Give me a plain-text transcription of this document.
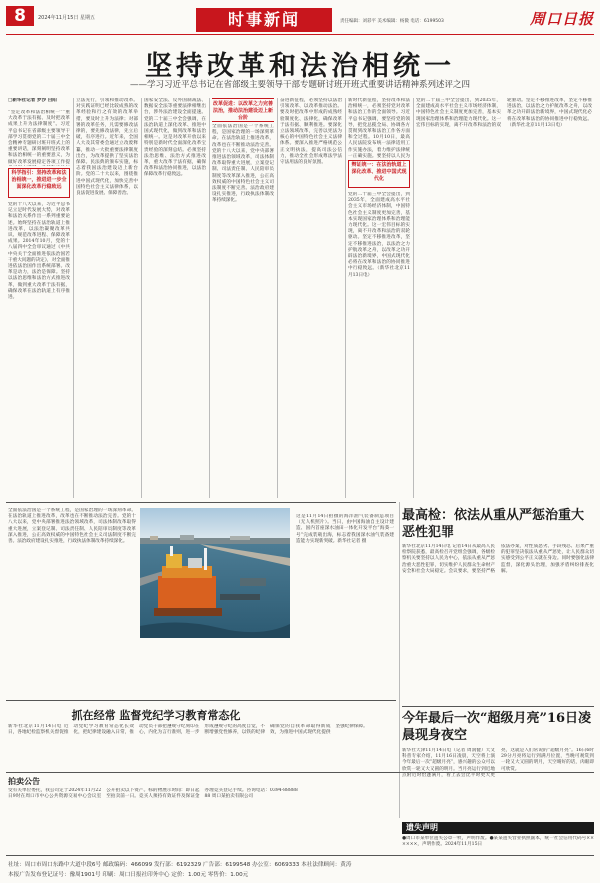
8	2024年11月15日 星期五	时事新闻	责任编辑：刘彩平 美术编辑：杨微 电话：6199503	周口日报
坚持改革和法治相统一
——学习习近平总书记在省部级主要领导干部专题研讨班开班式重要讲话精神系列述评之四
□新华社记者 罗沙 白阳
“坚定改革和法治相统一”“重大改革于法有据、及时把改革成果上升为法律制度”。习近平总书记在省部级主要领导干部学习贯彻党的二十届三中全会精神专题研讨班开班式上的重要讲话，深刻阐明坚持改革和法治相统一的重要意义，为做好改革发展稳定各项工作提
科学指引：坚持改革和法治相统一，推进进一步全面深化改革行稳致远
党的十八大以来，习近平总书记立足时代发展大势，对改革和法治关系作出一系列重要论述。始终坚持在法治轨道上推进改革，以法治凝聚改革共识、规范改革进程、保障改革成果。2014年10月，党的十八届四中全会审议通过《中共中央关于全面推进依法治国若干重大问题的决定》，对全面推进依法治国作出系统部署。改革是动力，法治是保障。坚持以法治思维和法治方式推进改革，做到重大改革于法有据，确保改革在法治轨道上有序推进。
立法先行，引领和推动改革。对实践证明已经比较成熟的改革经验和行之有效的改革举措，要及时上升为法律；对部署的改革任务，凡需要修改法律的，要先修改法律，先立后破，有序进行。近年来，全国人大及其常委会通过立改废释纂，推动一大批重要法律制度出台，为改革提供了坚实法治保障。民法典的颁布实施，标志着我国法治建设迈上新台阶。党的二十大以来，围绕推进中国式现代化，加快完善中国特色社会主义法律体系，以良法促进发展、保障善治。
国家安全法、反外国制裁法、数据安全法等重要法律相继出台，涉外法治建设全面提速。党的二十届三中全会强调，在法治轨道上深化改革、推进中国式现代化，做到改革和法治相统一。这是对改革开放以来特别是新时代全面深化改革宝贵经验的深刻总结。必须坚持法治思维、法治方式推进改革，重大改革于法有据，确保改革和法治协同推进，以法治保障改革行稳致远。
改革促进：以改革之力完善法治，推动法治建设迈上新台阶
全面依法治国是一个系统工程，是国家治理的一场深刻革命。在法治轨道上推进改革，改革也在不断推动法治完善。党的十八大以来，党中央部署推进法治领域改革，司法体制改革取得重大进展，立案登记制、司法责任制、人民陪审员制度等改革深入推进，公正高效权威的中国特色社会主义司法制度不断完善。法治政府建设扎实推进，行政执法体制改革持续深化。
奋进新征程，必须坚持以法治引领改革、以改革推动法治。要及时把改革中形成的成熟经验制度化、法律化，确保改革于法有据、顺利推进。要深化立法领域改革，完善以宪法为核心的中国特色社会主义法律体系。要深入推进严格规范公正文明执法，提高司法公信力，推动全社会形成尊法学法守法用法的良好氛围。	辩证统一：在法治轨道上深化改革、推进中国式现代化
新时代新征程，坚持改革和法治相统一，必须坚持党对改革和法治工作的全面领导。习近平总书记强调，要坚持党的领导，把党总揽全局、协调各方贯彻到改革和法治工作各方面和全过程。10月10日，最高人民法院发布统一法律适用工作实施办法，着力维护法律统一正确实施。要坚持以人民为
党的二十届三中全会提出，到2035年，全面建成高水平社会主义市场经济体制，中国特色社会主义制度更加完善，基本实现国家治理体系和治理能力现代化。这一宏伟目标的实现，离不开改革和法治的双轮驱动。坚定不移推进改革，坚定不移推进法治，以法治之力护航改革之舟，以改革之功开辟法治新境界，中国式现代化必将在改革和法治的协同推进中行稳致远。（新华社北京11月13日电）
党的二十届三中全会提出，到2035年，全面建成高水平社会主义市场经济体制，中国特色社会主义制度更加完善，基本实现国家治理体系和治理能力现代化。这一宏伟目标的实现，离不开改革和法治的双轮驱动。坚定不移推进改革，坚定不移推进法治，以法治之力护航改革之舟，以改革之功开辟法治新境界，中国式现代化必将在改革和法治的协同推进中行稳致远。（新华社北京11月13日电）
全面依法治国是一个系统工程，是国家治理的一场深刻革命。在法治轨道上推进改革，改革也在不断推动法治完善。党的十八大以来，党中央部署推进法治领域改革，司法体制改革取得重大进展，立案登记制、司法责任制、人民陪审员制度等改革深入推进，公正高效权威的中国特色社会主义司法制度不断完善。法治政府建设扎实推进，行政执法体制改革持续深化。
这是11月14日拍摄的海洋油气装备制造项目（无人机照片）。当日，由中国海油自主设计建造、国内首座深水油田一体化开发平台“海葵一号”完成装载出海，标志着我国深水油气装备建造能力实现新突破。新华社记者 摄
最高检：依法从重从严惩治重大恶性犯罪
新华社北京11月14日电 记者14日从最高人民检察院获悉，最高检召开党组会强调，各级检察机关要坚持以人民为中心，依法从重从严惩治重大恶性犯罪，切实维护人民群众生命财产安全和社会大局稳定。会议要求，要坚持严格依法办案，对性质恶劣、手段残忍、后果严重的犯罪坚决依法从重从严惩处，让人民群众切实感受到公平正义就在身边。同时要强化法律监督，深化源头治理，加强矛盾纠纷排查化解。
今年最后一次“超级月亮”16日凌晨现身夜空
新华社天津11月14日电（记者 周润健）天文科普专家介绍，11月16日凌晨，天空将上演今年最后一次“超级月亮”，感兴趣的公众可以欣赏一轮又大又圆的明月。当月亮运行到近地点附近时恰逢满月，看上去会比平时更大更亮，这就是人们常说的“超级月亮”。16日6时29分月亮将运行到满月位置，当晚可观赏到一轮又大又圆的明月，天空晴好的话，肉眼即可欣赏。
抓在经常 监督党纪学习教育常态化
新华社北京11月14日电 近日，各地纪检监察机关督促推动党纪学习教育常态化长效化，把纪律建设融入日常，推动党员干部把遵规守纪刻印在心，内化为言行准则，进一步形成遵规守纪的高度自觉，不断增强党性修养，以铁的纪律确保党的自我革命取得新成效，为推进中国式现代化提供坚强纪律保障。
拍卖公告
受有关单位委托，我公司定于2024年11月22日9时在周口市中心公共资源交易中心会议室公开拍卖以下资产。标的物展示时间：即日起至拍卖前一日。竞买人须持有效证件及保证金办理竞买登记手续。咨询电话：0394-8888888 周口某拍卖有限公司
遗失声明
●周口市某单位遗失公章一枚，声明作废。●某某遗失营业执照副本，统一社会信用代码号××××××，声明作废。2024年11月15日
社址：周口市周口东路中大道中段6号 邮政编码：466099 发行部：6192329 广告部：6199548 办公室：6069333 本社法律顾问：黄涛
本报广告发布登记证号：豫周1901号 印刷：周口日报社印务中心 定价：1.00元 零售价：1.00元
